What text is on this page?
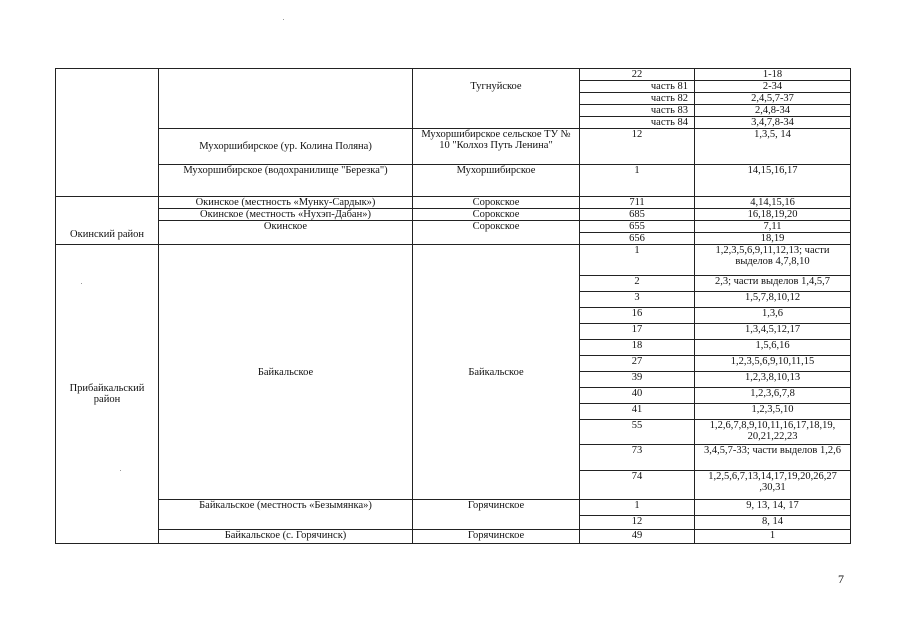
		Тугнуйское	22	1-18
			часть 81	2-34
			часть 82	2,4,5,7-37
			часть 83	2,4,8-34
			часть 84	3,4,7,8-34
	Мухоршибирское (ур. Колина Поляна)	Мухоршибирское сельское ТУ № 10 "Колхоз Путь Ленина"	12	1,3,5, 14
	Мухоршибирское (водохранилище "Березка")	Мухоршибирское	1	14,15,16,17
Окинский район	Окинское (местность «Мунку-Сардык»)	Сорокское	711	4,14,15,16
	Окинское (местность «Нухэп-Дабан»)	Сорокское	685	16,18,19,20
	Окинское	Сорокское	655	7,11
			656	18,19
Прибайкальский район	Байкальское	Байкальское	1	1,2,3,5,6,9,11,12,13; части выделов 4,7,8,10
			2	2,3; части выделов 1,4,5,7
			3	1,5,7,8,10,12
			16	1,3,6
			17	1,3,4,5,12,17
			18	1,5,6,16
			27	1,2,3,5,6,9,10,11,15
			39	1,2,3,8,10,13
			40	1,2,3,6,7,8
			41	1,2,3,5,10
			55	1,2,6,7,8,9,10,11,16,17,18,19, 20,21,22,23
			73	3,4,5,7-33; части выделов 1,2,6
			74	1,2,5,6,7,13,14,17,19,20,26,27 ,30,31
	Байкальское (местность «Безымянка»)	Горячинское	1	9, 13, 14, 17
			12	8, 14
	Байкальское (с. Горячинск)	Горячинское	49	1
7
